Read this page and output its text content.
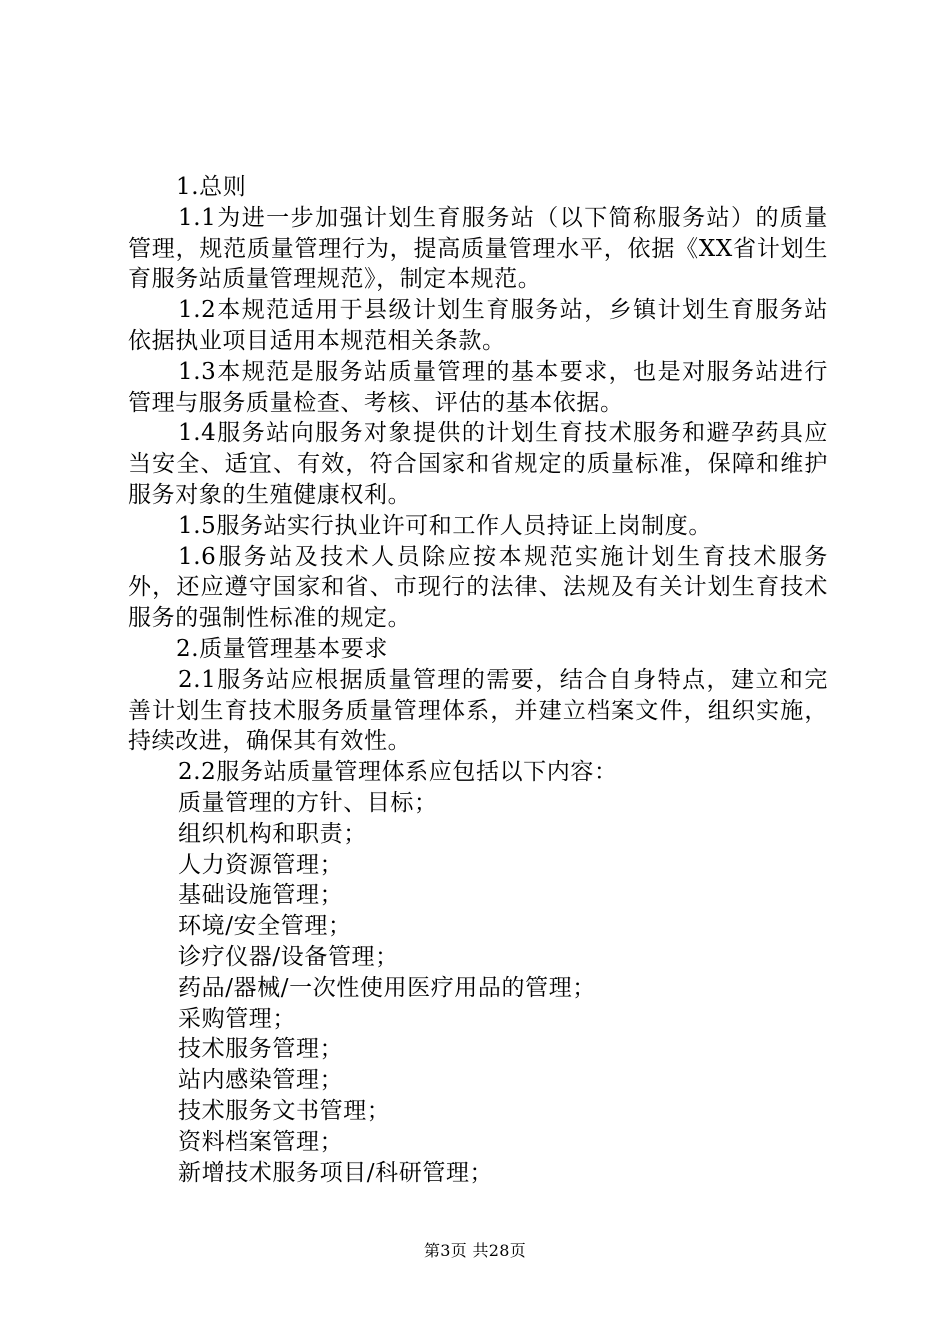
1.总则

1.1为进一步加强计划生育服务站（以下简称服务站）的质量管理，规范质量管理行为，提高质量管理水平，依据《XX省计划生育服务站质量管理规范》，制定本规范。

1.2本规范适用于县级计划生育服务站，乡镇计划生育服务站依据执业项目适用本规范相关条款。

1.3本规范是服务站质量管理的基本要求，也是对服务站进行管理与服务质量检查、考核、评估的基本依据。

1.4服务站向服务对象提供的计划生育技术服务和避孕药具应当安全、适宜、有效，符合国家和省规定的质量标准，保障和维护服务对象的生殖健康权利。

1.5服务站实行执业许可和工作人员持证上岗制度。

1.6服务站及技术人员除应按本规范实施计划生育技术服务外，还应遵守国家和省、市现行的法律、法规及有关计划生育技术服务的强制性标准的规定。

2.质量管理基本要求

2.1服务站应根据质量管理的需要，结合自身特点，建立和完善计划生育技术服务质量管理体系，并建立档案文件，组织实施，持续改进，确保其有效性。

2.2服务站质量管理体系应包括以下内容：

质量管理的方针、目标；

组织机构和职责；

人力资源管理；

基础设施管理；

环境/安全管理；

诊疗仪器/设备管理；

药品/器械/一次性使用医疗用品的管理；

采购管理；

技术服务管理；

站内感染管理；

技术服务文书管理；

资料档案管理；

新增技术服务项目/科研管理；

第3页 共28页
